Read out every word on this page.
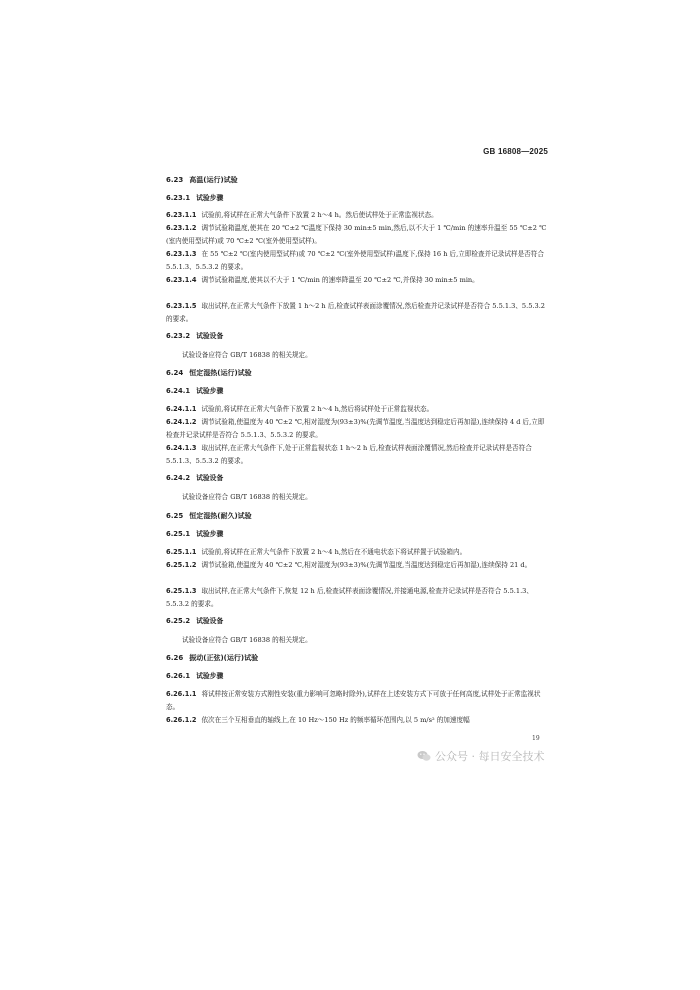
GB 16808—2025
6.23 高温(运行)试验
6.23.1 试验步骤
6.23.1.1 试验前,将试样在正常大气条件下放置 2 h～4 h。然后使试样处于正常监视状态。
6.23.1.2 调节试验箱温度,使其在 20 ℃±2 ℃温度下保持 30 min±5 min,然后,以不大于 1 ℃/min 的速率升温至 55 ℃±2 ℃(室内使用型试样)或 70 ℃±2 ℃(室外使用型试样)。
6.23.1.3 在 55 ℃±2 ℃(室内使用型试样)或 70 ℃±2 ℃(室外使用型试样)温度下,保持 16 h 后,立即检查并记录试样是否符合 5.5.1.3、5.5.3.2 的要求。
6.23.1.4 调节试验箱温度,使其以不大于 1 ℃/min 的速率降温至 20 ℃±2 ℃,并保持 30 min±5 min。
6.23.1.5 取出试样,在正常大气条件下放置 1 h～2 h 后,检查试样表面涂覆情况,然后检查并记录试样是否符合 5.5.1.3、5.5.3.2 的要求。
6.23.2 试验设备
试验设备应符合 GB/T 16838 的相关规定。
6.24 恒定湿热(运行)试验
6.24.1 试验步骤
6.24.1.1 试验前,将试样在正常大气条件下放置 2 h～4 h,然后将试样处于正常监视状态。
6.24.1.2 调节试验箱,使温度为 40 ℃±2 ℃,相对湿度为(93±3)%(先调节温度,当温度达到稳定后再加湿),连续保持 4 d 后,立即检查并记录试样是否符合 5.5.1.3、5.5.3.2 的要求。
6.24.1.3 取出试样,在正常大气条件下,处于正常监视状态 1 h～2 h 后,检查试样表面涂覆情况,然后检查并记录试样是否符合 5.5.1.3、5.5.3.2 的要求。
6.24.2 试验设备
试验设备应符合 GB/T 16838 的相关规定。
6.25 恒定湿热(耐久)试验
6.25.1 试验步骤
6.25.1.1 试验前,将试样在正常大气条件下放置 2 h～4 h,然后在不通电状态下将试样置于试验箱内。
6.25.1.2 调节试验箱,使温度为 40 ℃±2 ℃,相对湿度为(93±3)%(先调节温度,当温度达到稳定后再加湿),连续保持 21 d。
6.25.1.3 取出试样,在正常大气条件下,恢复 12 h 后,检查试样表面涂覆情况,并接通电源,检查并记录试样是否符合 5.5.1.3、5.5.3.2 的要求。
6.25.2 试验设备
试验设备应符合 GB/T 16838 的相关规定。
6.26 振动(正弦)(运行)试验
6.26.1 试验步骤
6.26.1.1 将试样按正常安装方式刚性安装(重力影响可忽略时除外),试样在上述安装方式下可放于任何高度,试样处于正常监视状态。
6.26.1.2 依次在三个互相垂直的轴线上,在 10 Hz～150 Hz 的频率循环范围内,以 5 m/s² 的加速度幅
19
公众号 · 每日安全技术
